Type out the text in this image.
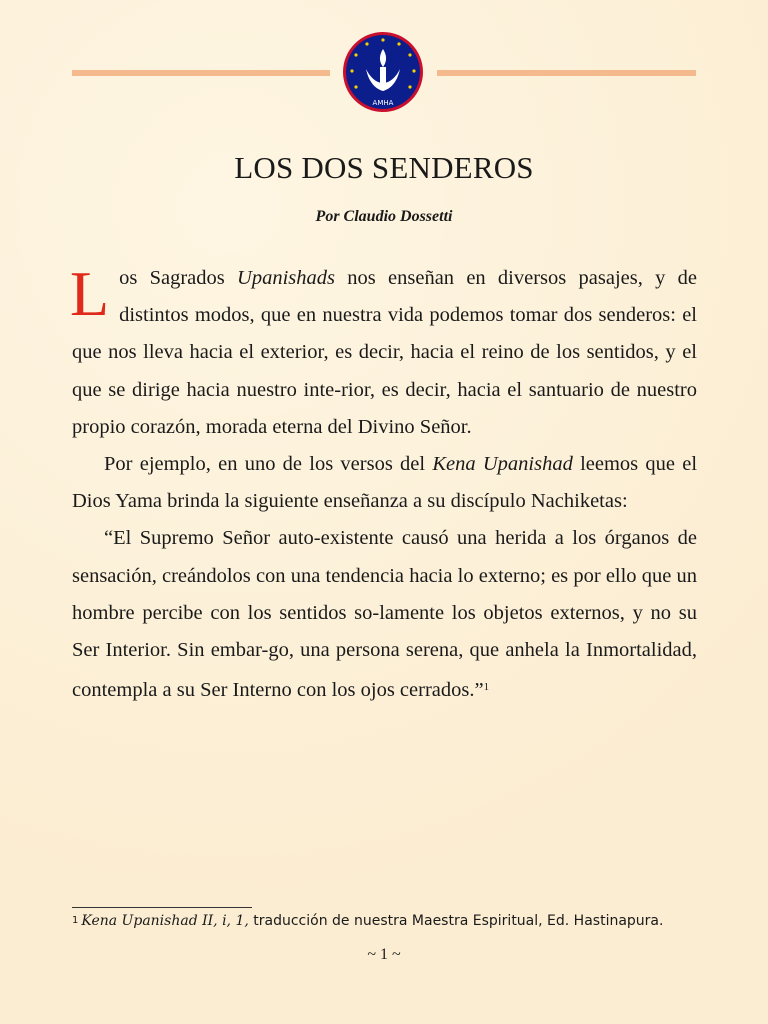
AMHA
LOS DOS SENDEROS
Por Claudio Dossetti

Los Sagrados Upanishads nos enseñan en diversos pasajes, y de distintos modos, que en nuestra vida podemos tomar dos senderos: el que nos lleva hacia el exterior, es decir, hacia el reino de los sentidos, y el que se dirige hacia nuestro inte-rior, es decir, hacia el santuario de nuestro propio corazón, morada eterna del Divino Señor.

Por ejemplo, en uno de los versos del Kena Upanishad leemos que el Dios Yama brinda la siguiente enseñanza a su discípulo Nachiketas:

“El Supremo Señor auto-existente causó una herida a los órganos de sensación, creándolos con una tendencia hacia lo externo; es por ello que un hombre percibe con los sentidos so-lamente los objetos externos, y no su Ser Interior. Sin embar-go, una persona serena, que anhela la Inmortalidad, contempla a su Ser Interno con los ojos cerrados.”$^1$

1 Kena Upanishad II, i, 1, traducción de nuestra Maestra Espiritual, Ed. Hastinapura.
~ 1 ~
